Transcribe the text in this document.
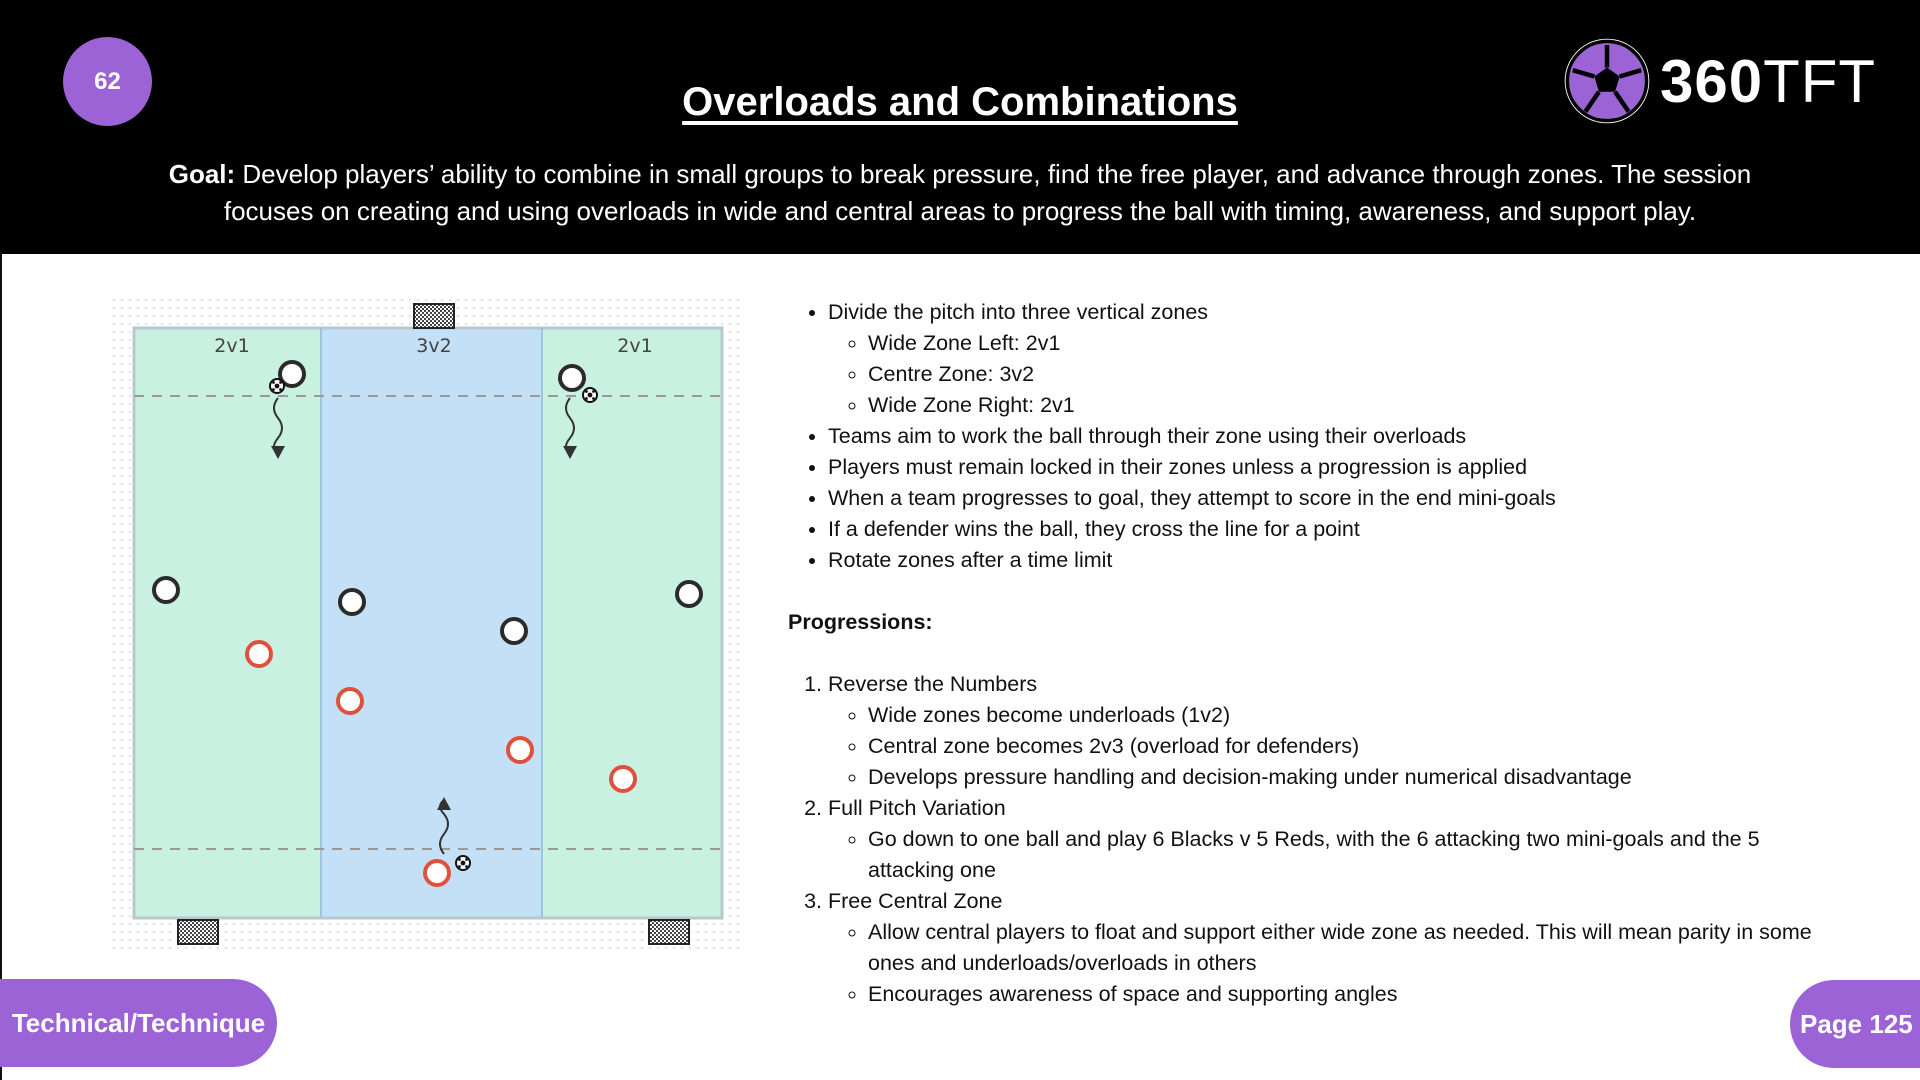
62	Overloads and Combinations	360TFT
Goal: Develop players’ ability to combine in small groups to break pressure, find the free player, and advance through zones. The session focuses on creating and using overloads in wide and central areas to progress the ball with timing, awareness, and support play.
2v1	3v2	2v1
• Divide the pitch into three vertical zones
◦ Wide Zone Left: 2v1
◦ Centre Zone: 3v2
◦ Wide Zone Right: 2v1
• Teams aim to work the ball through their zone using their overloads
• Players must remain locked in their zones unless a progression is applied
• When a team progresses to goal, they attempt to score in the end mini-goals
• If a defender wins the ball, they cross the line for a point
• Rotate zones after a time limit
Progressions:
1. Reverse the Numbers
◦ Wide zones become underloads (1v2)
◦ Central zone becomes 2v3 (overload for defenders)
◦ Develops pressure handling and decision-making under numerical disadvantage
2. Full Pitch Variation
◦ Go down to one ball and play 6 Blacks v 5 Reds, with the 6 attacking two mini-goals and the 5 attacking one
3. Free Central Zone
◦ Allow central players to float and support either wide zone as needed. This will mean parity in some ones and underloads/overloads in others
◦ Encourages awareness of space and supporting angles
Technical/Technique	Page 125
